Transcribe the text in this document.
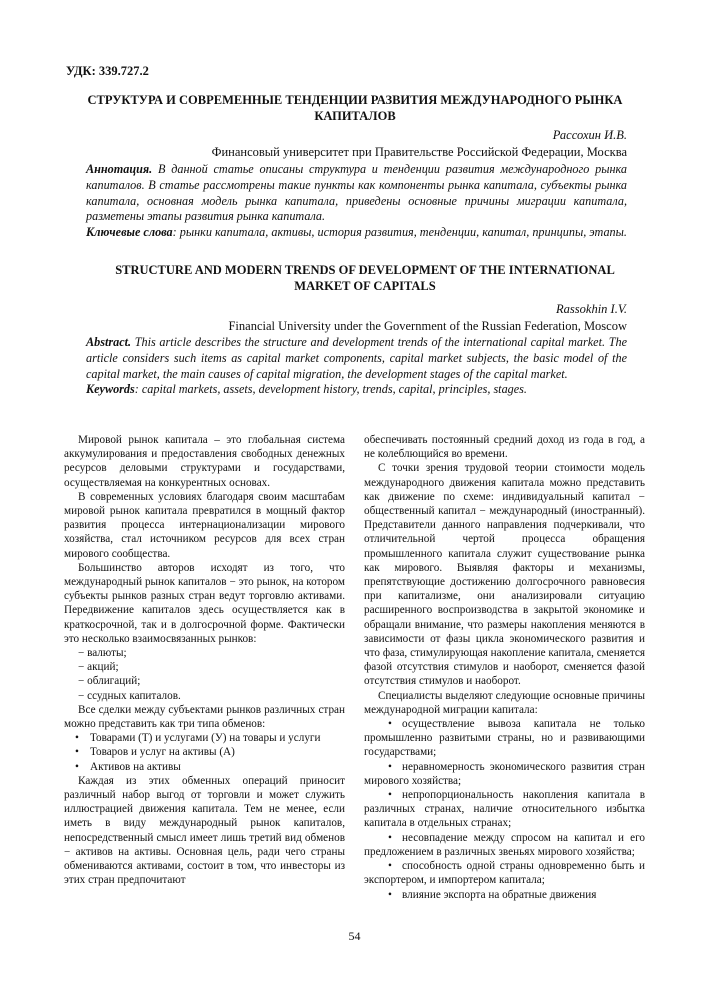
УДК: 339.727.2
СТРУКТУРА И СОВРЕМЕННЫЕ ТЕНДЕНЦИИ РАЗВИТИЯ МЕЖДУНАРОДНОГО РЫНКА КАПИТАЛОВ
Рассохин И.В.
Финансовый университет при Правительстве Российской Федерации, Москва
Аннотация. В данной статье описаны структура и тенденции развития международного рынка капиталов. В статье рассмотрены такие пункты как компоненты рынка капитала, субъекты рынка капитала, основная модель рынка капитала, приведены основные причины миграции капитала, разметены этапы развития рынка капитала.
Ключевые слова: рынки капитала, активы, история развития, тенденции, капитал, принципы, этапы.
STRUCTURE AND MODERN TRENDS OF DEVELOPMENT OF THE INTERNATIONAL MARKET OF CAPITALS
Rassokhin I.V.
Financial University under the Government of the Russian Federation, Moscow
Abstract. This article describes the structure and development trends of the international capital market. The article considers such items as capital market components, capital market subjects, the basic model of the capital market, the main causes of capital migration, the development stages of the capital market.
Keywords: capital markets, assets, development history, trends, capital, principles, stages.

Мировой рынок капитала – это глобальная система аккумулирования и предоставления свободных денежных ресурсов деловыми структурами и государствами, осуществляемая на конкурентных основах.

В современных условиях благодаря своим масштабам мировой рынок капитала превратился в мощный фактор развития процесса интернационализации мирового хозяйства, стал источником ресурсов для всех стран мирового сообщества.

Большинство авторов исходят из того, что международный рынок капиталов − это рынок, на котором субъекты рынков разных стран ведут торговлю активами. Передвижение капиталов здесь осуществляется как в краткосрочной, так и в долгосрочной форме. Фактически это несколько взаимосвязанных рынков:

− валюты;
− акций;
− облигаций;
− ссудных капиталов.

Все сделки между субъектами рынков различных стран можно представить как три типа обменов:

• Товарами (Т) и услугами (У) на товары и услуги
• Товаров и услуг на активы (А)
• Активов на активы

Каждая из этих обменных операций приносит различный набор выгод от торговли и может служить иллюстрацией движения капитала. Тем не менее, если иметь в виду международный рынок капиталов, непосредственный смысл имеет лишь третий вид обменов − активов на активы. Основная цель, ради чего страны обмениваются активами, состоит в том, что инвесторы из этих стран предпочитают

обеспечивать постоянный средний доход из года в год, а не колеблющийся во времени.

С точки зрения трудовой теории стоимости модель международного движения капитала можно представить как движение по схеме: индивидуальный капитал − общественный капитал − международный (иностранный). Представители данного направления подчеркивали, что отличительной чертой процесса обращения промышленного капитала служит существование рынка как мирового. Выявляя факторы и механизмы, препятствующие достижению долгосрочного равновесия при капитализме, они анализировали ситуацию расширенного воспроизводства в закрытой экономике и обращали внимание, что размеры накопления меняются в зависимости от фазы цикла экономического развития и что фаза, стимулирующая накопление капитала, сменяется фазой отсутствия стимулов и наоборот, сменяется фазой отсутствия стимулов и наоборот.

Специалисты выделяют следующие основные причины международной миграции капитала:

• осуществление вывоза капитала не только промышленно развитыми страны, но и развивающими государствами;

• неравномерность экономического развития стран мирового хозяйства;

• непропорциональность накопления капитала в различных странах, наличие относительного избытка капитала в отдельных странах;

• несовпадение между спросом на капитал и его предложением в различных звеньях мирового хозяйства;

• способность одной страны одновременно быть и экспортером, и импортером капитала;

• влияние экспорта на обратные движения

54
